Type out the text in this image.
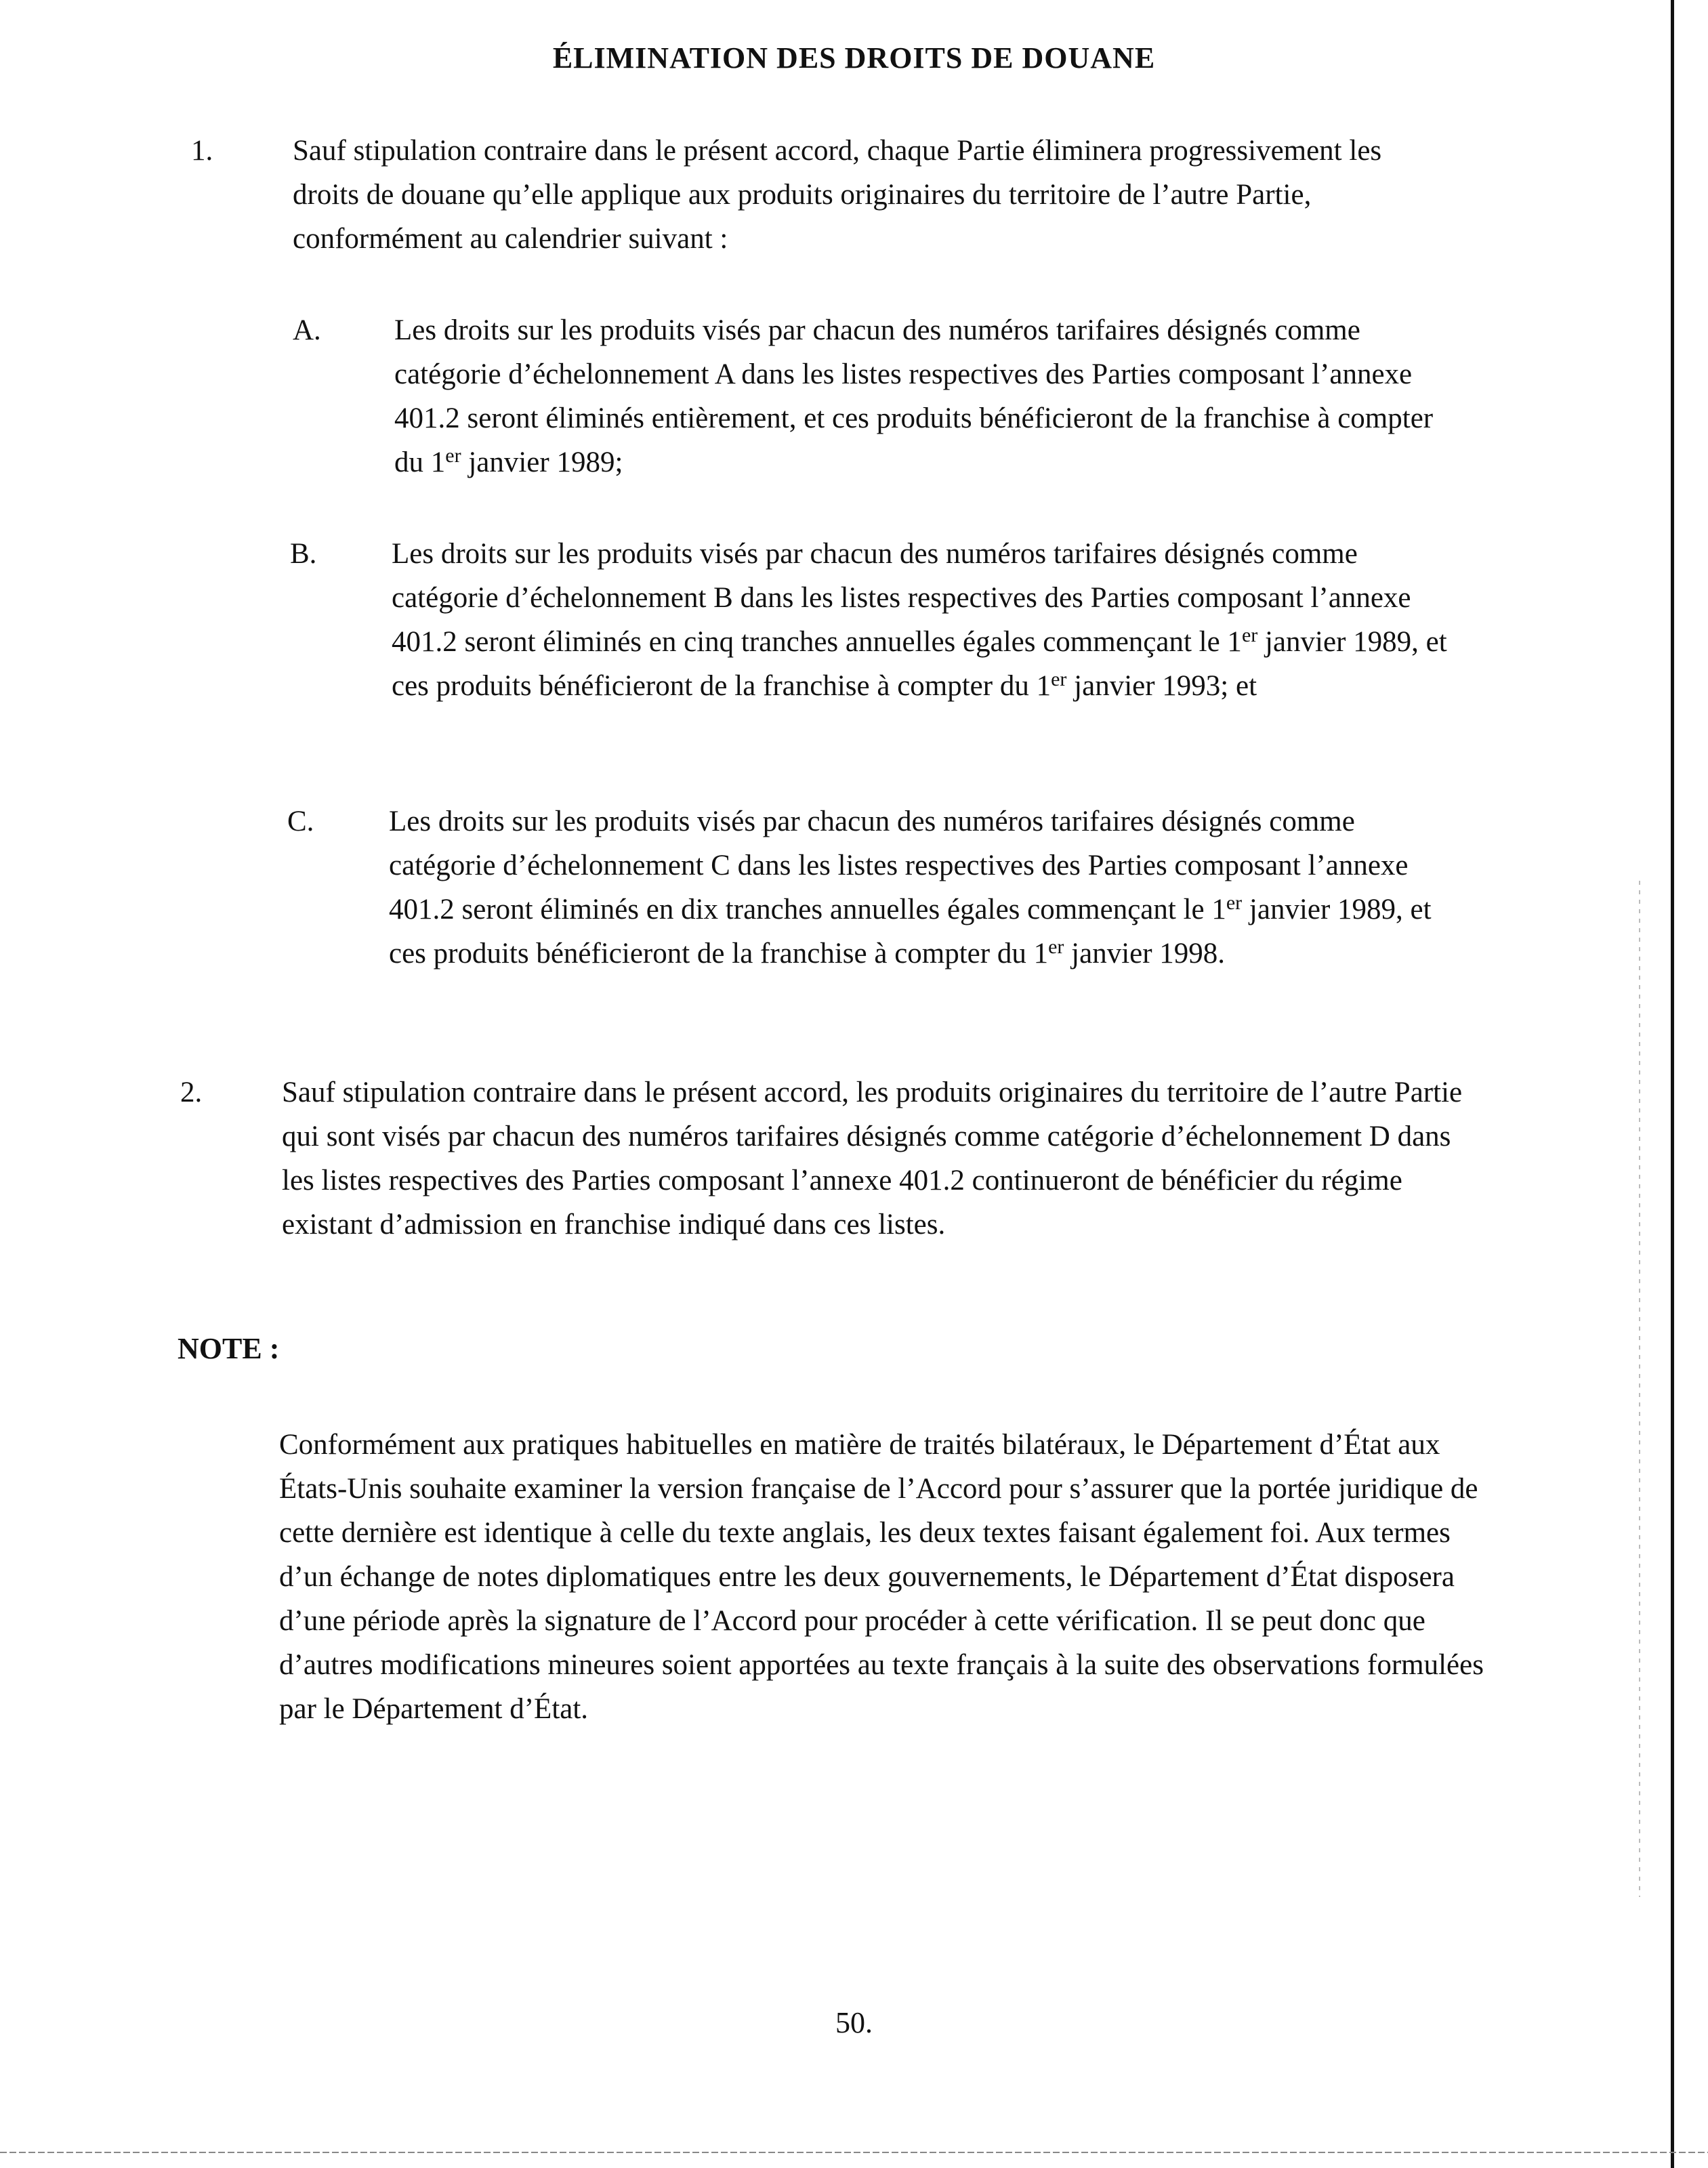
ÉLIMINATION DES DROITS DE DOUANE
1.	Sauf stipulation contraire dans le présent accord, chaque Partie éliminera progressivement les droits de douane qu’elle applique aux produits originaires du territoire de l’autre Partie, conformément au calendrier suivant :
A.	Les droits sur les produits visés par chacun des numéros tarifaires désignés comme catégorie d’échelonnement A dans les listes respectives des Parties composant l’annexe 401.2 seront éliminés entièrement, et ces produits bénéficieront de la franchise à compter du 1er janvier 1989;
B.	Les droits sur les produits visés par chacun des numéros tarifaires désignés comme catégorie d’échelonnement B dans les listes respectives des Parties composant l’annexe 401.2 seront éliminés en cinq tranches annuelles égales commençant le 1er janvier 1989, et ces produits bénéficieront de la franchise à compter du 1er janvier 1993; et
C.	Les droits sur les produits visés par chacun des numéros tarifaires désignés comme catégorie d’échelonnement C dans les listes respectives des Parties composant l’annexe 401.2 seront éliminés en dix tranches annuelles égales commençant le 1er janvier 1989, et ces produits bénéficieront de la franchise à compter du 1er janvier 1998.
2.	Sauf stipulation contraire dans le présent accord, les produits originaires du territoire de l’autre Partie qui sont visés par chacun des numéros tarifaires désignés comme catégorie d’échelonnement D dans les listes respectives des Parties composant l’annexe 401.2 continueront de bénéficier du régime existant d’admission en franchise indiqué dans ces listes.
NOTE :
Conformément aux pratiques habituelles en matière de traités bilatéraux, le Département d’État aux États-Unis souhaite examiner la version française de l’Accord pour s’assurer que la portée juridique de cette dernière est identique à celle du texte anglais, les deux textes faisant également foi. Aux termes d’un échange de notes diplomatiques entre les deux gouvernements, le Département d’État disposera d’une période après la signature de l’Accord pour procéder à cette vérification. Il se peut donc que d’autres modifications mineures soient apportées au texte français à la suite des observations formulées par le Département d’État.
50.
